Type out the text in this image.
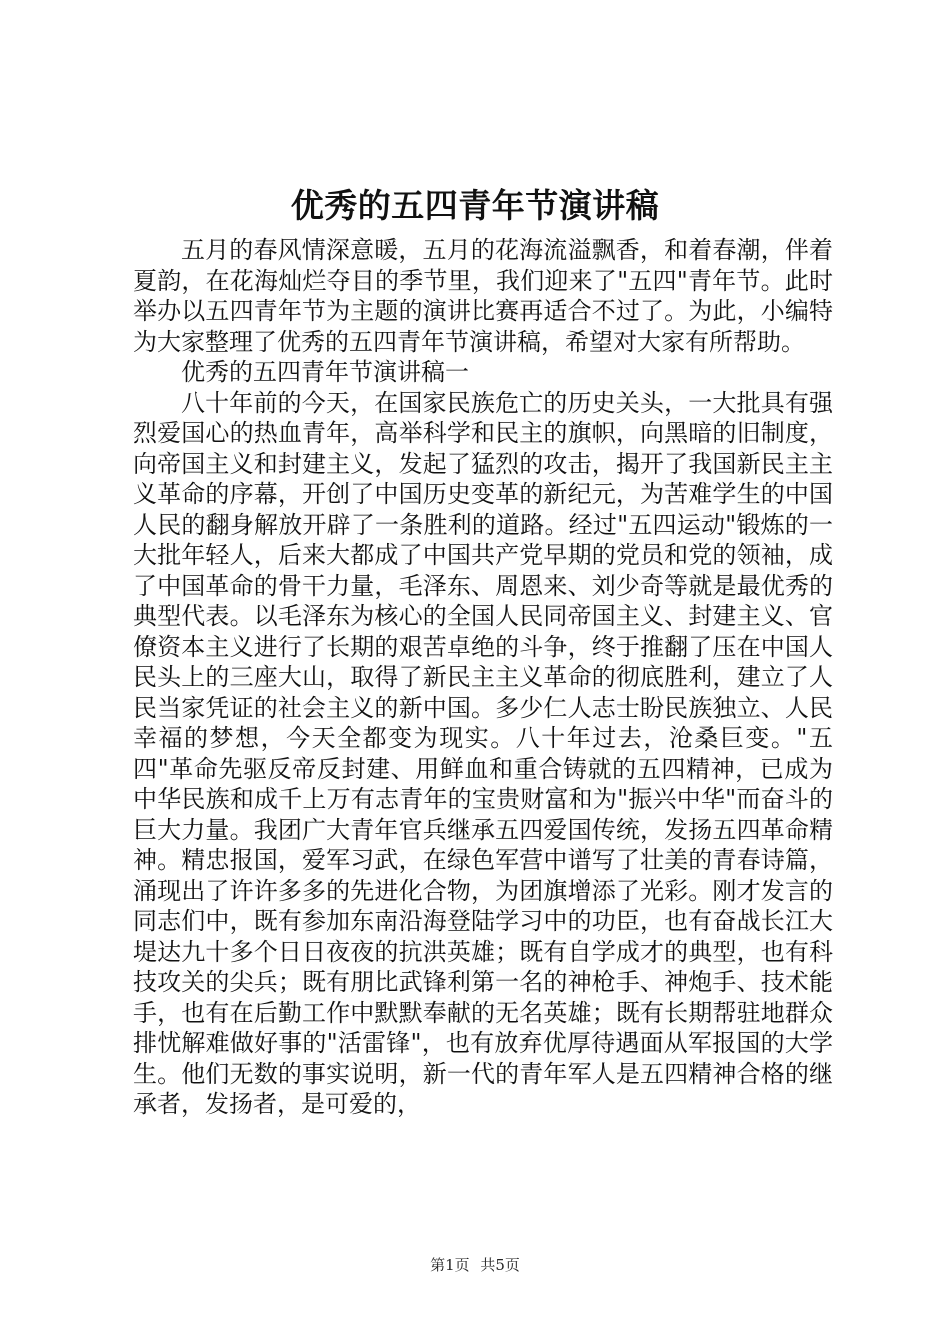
优秀的五四青年节演讲稿

五月的春风情深意暖，五月的花海流溢飘香，和着春潮，伴着夏韵，在花海灿烂夺目的季节里，我们迎来了"五四"青年节。此时举办以五四青年节为主题的演讲比赛再适合不过了。为此，小编特为大家整理了优秀的五四青年节演讲稿，希望对大家有所帮助。

优秀的五四青年节演讲稿一

八十年前的今天，在国家民族危亡的历史关头，一大批具有强烈爱国心的热血青年，高举科学和民主的旗帜，向黑暗的旧制度，向帝国主义和封建主义，发起了猛烈的攻击，揭开了我国新民主主义革命的序幕，开创了中国历史变革的新纪元，为苦难学生的中国人民的翻身解放开辟了一条胜利的道路。经过"五四运动"锻炼的一大批年轻人，后来大都成了中国共产党早期的党员和党的领袖，成了中国革命的骨干力量，毛泽东、周恩来、刘少奇等就是最优秀的典型代表。以毛泽东为核心的全国人民同帝国主义、封建主义、官僚资本主义进行了长期的艰苦卓绝的斗争，终于推翻了压在中国人民头上的三座大山，取得了新民主主义革命的彻底胜利，建立了人民当家凭证的社会主义的新中国。多少仁人志士盼民族独立、人民幸福的梦想，今天全都变为现实。八十年过去，沧桑巨变。"五四"革命先驱反帝反封建、用鲜血和重合铸就的五四精神，已成为中华民族和成千上万有志青年的宝贵财富和为"振兴中华"而奋斗的巨大力量。我团广大青年官兵继承五四爱国传统，发扬五四革命精神。精忠报国，爱军习武，在绿色军营中谱写了壮美的青春诗篇，涌现出了许许多多的先进化合物，为团旗增添了光彩。刚才发言的同志们中，既有参加东南沿海登陆学习中的功臣，也有奋战长江大堤达九十多个日日夜夜的抗洪英雄；既有自学成才的典型，也有科技攻关的尖兵；既有朋比武锋利第一名的神枪手、神炮手、技术能手，也有在后勤工作中默默奉献的无名英雄；既有长期帮驻地群众排忧解难做好事的"活雷锋"，也有放弃优厚待遇面从军报国的大学生。他们无数的事实说明，新一代的青年军人是五四精神合格的继承者，发扬者，是可爱的，

第1页 共5页
